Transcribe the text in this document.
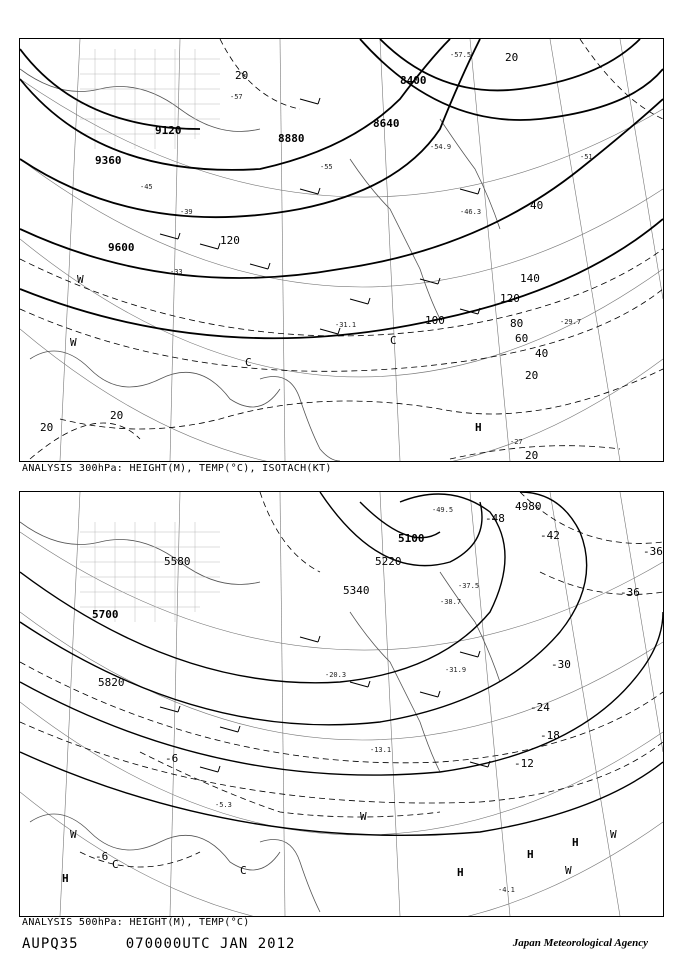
9120
9360
9600
8880
8640
8400
20
20
40
60
80
100
120
140
120
20
20
40
20
20
-57.5
-57
-55
-54.9
-51
-46.3
-45
-39
-33
-31.1	-29.7
-27
H
C
C
W
W
ANALYSIS 300hPa: HEIGHT(M), TEMP(°C), ISOTACH(KT)
5100
5220
5340
5580
5700
5820
4980
-42
-36
-30
-24
-18
-12
-6
-6
-36
-48
-49.5
-37.5
-38.7
-31.9
-20.3
-13.1
-5.3
-4.1
H
H
H
H
C	C
W
W
W
W
ANALYSIS 500hPa: HEIGHT(M), TEMP(°C)
AUPQ35	070000UTC JAN 2012	Japan Meteorological Agency
